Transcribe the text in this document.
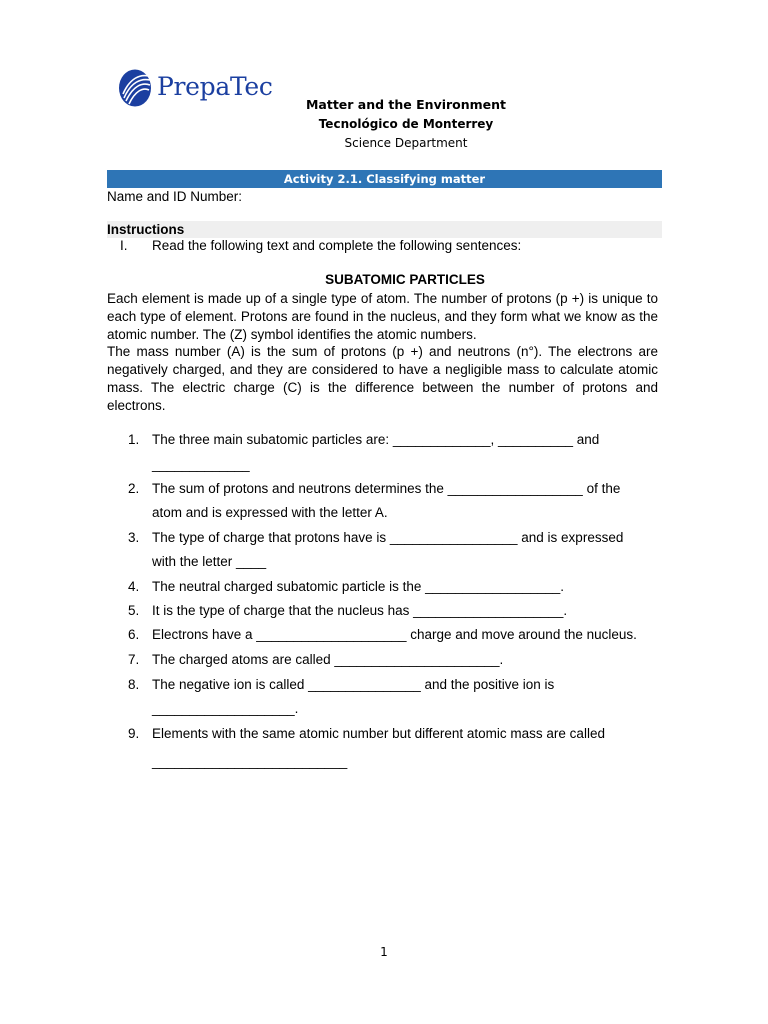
PrepaTec
Matter and the Environment
Tecnológico de Monterrey
Science Department
Activity 2.1. Classifying matter
Name and ID Number:
Instructions
I. Read the following text and complete the following sentences:
SUBATOMIC PARTICLES
Each element is made up of a single type of atom. The number of protons (p +) is unique to each type of element. Protons are found in the nucleus, and they form what we know as the atomic number. The (Z) symbol identifies the atomic numbers.
The mass number (A) is the sum of protons (p +) and neutrons (n°). The electrons are negatively charged, and they are considered to have a negligible mass to calculate atomic mass. The electric charge (C) is the difference between the number of protons and electrons.
1. The three main subatomic particles are: _____________, __________ and
_____________
2. The sum of protons and neutrons determines the __________________ of the
atom and is expressed with the letter A.
3. The type of charge that protons have is _________________ and is expressed
with the letter ____
4. The neutral charged subatomic particle is the __________________.
5. It is the type of charge that the nucleus has ____________________.
6. Electrons have a ____________________ charge and move around the nucleus.
7. The charged atoms are called ______________________.
8. The negative ion is called _______________ and the positive ion is
___________________.
9. Elements with the same atomic number but different atomic mass are called
__________________________
1
